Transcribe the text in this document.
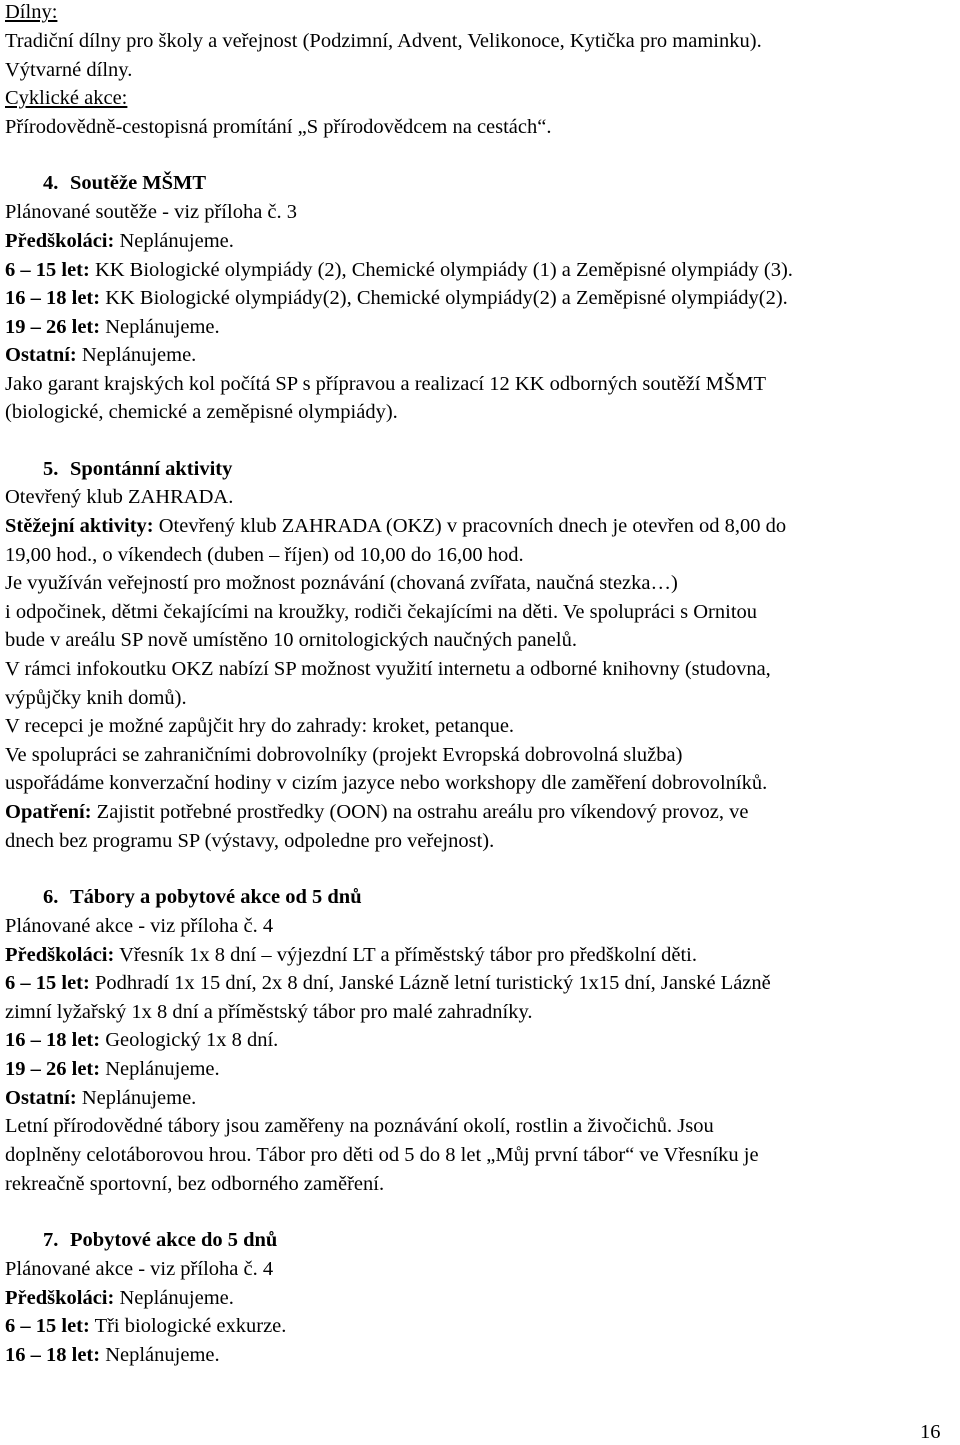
Dílny:
Tradiční dílny pro školy a veřejnost (Podzimní, Advent, Velikonoce, Kytička pro maminku).
Výtvarné dílny.
Cyklické akce:
Přírodovědně-cestopisná promítání „S přírodovědcem na cestách“.
4. Soutěže MŠMT
Plánované soutěže - viz příloha č. 3
Předškoláci: Neplánujeme.
6 – 15 let: KK Biologické olympiády (2), Chemické olympiády (1) a Zeměpisné olympiády (3).
16 – 18 let: KK Biologické olympiády(2), Chemické olympiády(2) a Zeměpisné olympiády(2).
19 – 26 let: Neplánujeme.
Ostatní: Neplánujeme.
Jako garant krajských kol počítá SP s přípravou a realizací 12 KK odborných soutěží MŠMT
(biologické, chemické a zeměpisné olympiády).
5. Spontánní aktivity
Otevřený klub ZAHRADA.
Stěžejní aktivity: Otevřený klub ZAHRADA (OKZ) v pracovních dnech je otevřen od 8,00 do
19,00 hod., o víkendech (duben – říjen) od 10,00 do 16,00 hod.
Je využíván veřejností pro možnost poznávání (chovaná zvířata, naučná stezka…)
i odpočinek, dětmi čekajícími na kroužky, rodiči čekajícími na děti. Ve spolupráci s Ornitou
bude v areálu SP nově umístěno 10 ornitologických naučných panelů.
V rámci infokoutku OKZ nabízí SP možnost využití internetu a odborné knihovny (studovna,
výpůjčky knih domů).
V recepci je možné zapůjčit hry do zahrady: kroket, petanque.
Ve spolupráci se zahraničními dobrovolníky (projekt Evropská dobrovolná služba)
uspořádáme konverzační hodiny v cizím jazyce nebo workshopy dle zaměření dobrovolníků.
Opatření: Zajistit potřebné prostředky (OON) na ostrahu areálu pro víkendový provoz, ve
dnech bez programu SP (výstavy, odpoledne pro veřejnost).
6. Tábory a pobytové akce od 5 dnů
Plánované akce - viz příloha č. 4
Předškoláci: Vřesník 1x 8 dní – výjezdní LT a příměstský tábor pro předškolní děti.
6 – 15 let: Podhradí 1x 15 dní, 2x 8 dní, Janské Lázně letní turistický 1x15 dní, Janské Lázně
zimní lyžařský 1x 8 dní a příměstský tábor pro malé zahradníky.
16 – 18 let: Geologický 1x 8 dní.
19 – 26 let: Neplánujeme.
Ostatní: Neplánujeme.
Letní přírodovědné tábory jsou zaměřeny na poznávání okolí, rostlin a živočichů. Jsou
doplněny celotáborovou hrou. Tábor pro děti od 5 do 8 let „Můj první tábor“ ve Vřesníku je
rekreačně sportovní, bez odborného zaměření.
7. Pobytové akce do 5 dnů
Plánované akce - viz příloha č. 4
Předškoláci: Neplánujeme.
6 – 15 let: Tři biologické exkurze.
16 – 18 let: Neplánujeme.
16
